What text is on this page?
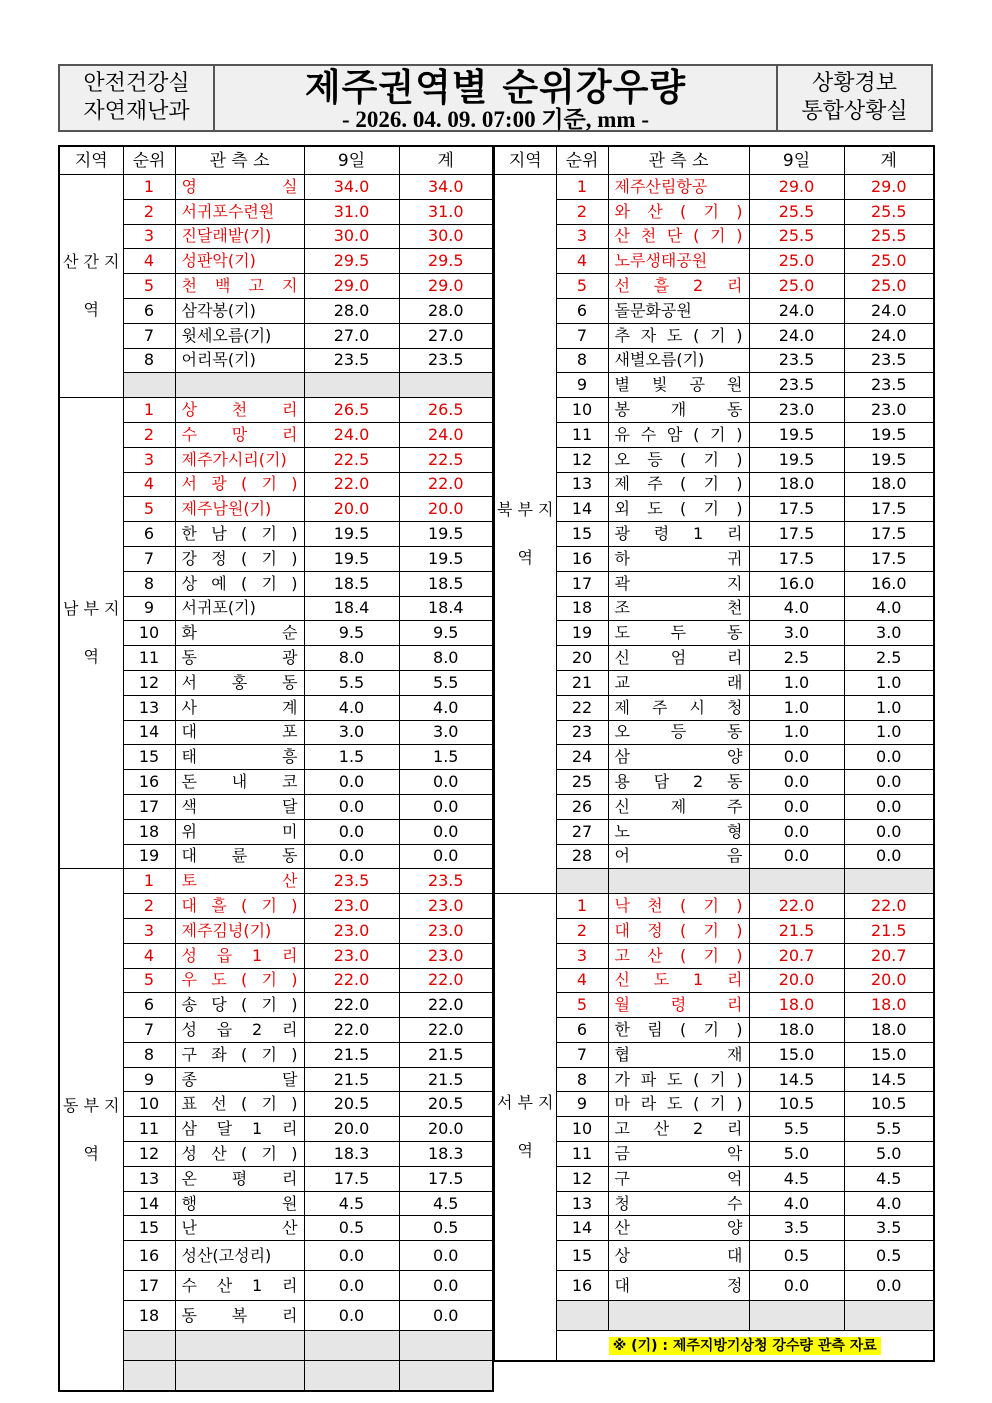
안전건강실
자연재난과
제주권역별 순위강우량
- 2026. 04. 09. 07:00 기준, mm -
상황경보
통합상황실
지역	순위	관 측 소	9일	계
산 간 지 역	1	영 실	34.0	34.0
	2	서귀포수련원	31.0	31.0
	3	진달래밭(기)	30.0	30.0
	4	성판악(기)	29.5	29.5
	5	천 백 고 지	29.0	29.0
	6	삼각봉(기)	28.0	28.0
	7	윗세오름(기)	27.0	27.0
	8	어리목(기)	23.5	23.5

남 부 지 역	1	상 천 리	26.5	26.5
	2	수 망 리	24.0	24.0
	3	제주가시리(기)	22.5	22.5
	4	서 광 ( 기 )	22.0	22.0
	5	제주남원(기)	20.0	20.0
	6	한 남 ( 기 )	19.5	19.5
	7	강 정 ( 기 )	19.5	19.5
	8	상 예 ( 기 )	18.5	18.5
	9	서귀포(기)	18.4	18.4
	10	화 순	9.5	9.5
	11	동 광	8.0	8.0
	12	서 홍 동	5.5	5.5
	13	사 계	4.0	4.0
	14	대 포	3.0	3.0
	15	태 흥	1.5	1.5
	16	돈 내 코	0.0	0.0
	17	색 달	0.0	0.0
	18	위 미	0.0	0.0
	19	대 륜 동	0.0	0.0
동 부 지 역	1	토 산	23.5	23.5
	2	대 흘 ( 기 )	23.0	23.0
	3	제주김녕(기)	23.0	23.0
	4	성 읍 1 리	23.0	23.0
	5	우 도 ( 기 )	22.0	22.0
	6	송 당 ( 기 )	22.0	22.0
	7	성 읍 2 리	22.0	22.0
	8	구 좌 ( 기 )	21.5	21.5
	9	종 달	21.5	21.5
	10	표 선 ( 기 )	20.5	20.5
	11	삼 달 1 리	20.0	20.0
	12	성 산 ( 기 )	18.3	18.3
	13	온 평 리	17.5	17.5
	14	행 원	4.5	4.5
	15	난 산	0.5	0.5
	16	성산(고성리)	0.0	0.0
	17	수 산 1 리	0.0	0.0
	18	동 복 리	0.0	0.0

지역	순위	관 측 소	9일	계
북 부 지 역	1	제주산림항공	29.0	29.0
	2	와 산 ( 기 )	25.5	25.5
	3	산 천 단 ( 기 )	25.5	25.5
	4	노루생태공원	25.0	25.0
	5	선 흘 2 리	25.0	25.0
	6	돌문화공원	24.0	24.0
	7	추 자 도 ( 기 )	24.0	24.0
	8	새별오름(기)	23.5	23.5
	9	별 빛 공 원	23.5	23.5
	10	봉 개 동	23.0	23.0
	11	유 수 암 ( 기 )	19.5	19.5
	12	오 등 ( 기 )	19.5	19.5
	13	제 주 ( 기 )	18.0	18.0
	14	외 도 ( 기 )	17.5	17.5
	15	광 령 1 리	17.5	17.5
	16	하 귀	17.5	17.5
	17	곽 지	16.0	16.0
	18	조 천	4.0	4.0
	19	도 두 동	3.0	3.0
	20	신 엄 리	2.5	2.5
	21	교 래	1.0	1.0
	22	제 주 시 청	1.0	1.0
	23	오 등 동	1.0	1.0
	24	삼 양	0.0	0.0
	25	용 담 2 동	0.0	0.0
	26	신 제 주	0.0	0.0
	27	노 형	0.0	0.0
	28	어 음	0.0	0.0

서 부 지 역	1	낙 천 ( 기 )	22.0	22.0
	2	대 정 ( 기 )	21.5	21.5
	3	고 산 ( 기 )	20.7	20.7
	4	신 도 1 리	20.0	20.0
	5	월 령 리	18.0	18.0
	6	한 림 ( 기 )	18.0	18.0
	7	협 재	15.0	15.0
	8	가 파 도 ( 기 )	14.5	14.5
	9	마 라 도 ( 기 )	10.5	10.5
	10	고 산 2 리	5.5	5.5
	11	금 악	5.0	5.0
	12	구 억	4.5	4.5
	13	청 수	4.0	4.0
	14	산 양	3.5	3.5
	15	상 대	0.5	0.5
	16	대 정	0.0	0.0

	※ (기) : 제주지방기상청 강수량 관측 자료			
